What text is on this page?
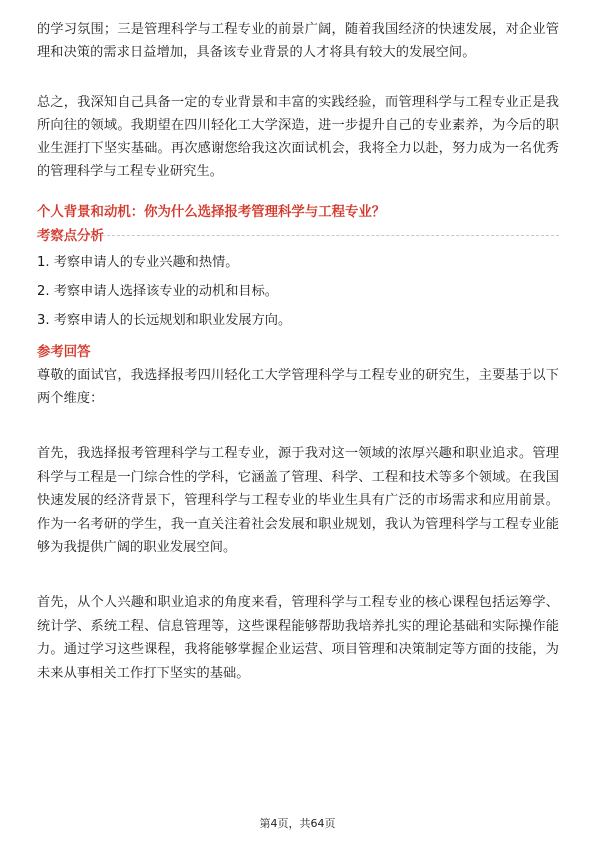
的学习氛围；三是管理科学与工程专业的前景广阔，随着我国经济的快速发展，对企业管理和决策的需求日益增加，具备该专业背景的人才将具有较大的发展空间。

总之，我深知自己具备一定的专业背景和丰富的实践经验，而管理科学与工程专业正是我所向往的领域。我期望在四川轻化工大学深造，进一步提升自己的专业素养，为今后的职业生涯打下坚实基础。再次感谢您给我这次面试机会，我将全力以赴，努力成为一名优秀的管理科学与工程专业研究生。

个人背景和动机：你为什么选择报考管理科学与工程专业？
考察点分析
1. 考察申请人的专业兴趣和热情。
2. 考察申请人选择该专业的动机和目标。
3. 考察申请人的长远规划和职业发展方向。
参考回答

尊敬的面试官，我选择报考四川轻化工大学管理科学与工程专业的研究生，主要基于以下两个维度：

首先，我选择报考管理科学与工程专业，源于我对这一领域的浓厚兴趣和职业追求。管理科学与工程是一门综合性的学科，它涵盖了管理、科学、工程和技术等多个领域。在我国快速发展的经济背景下，管理科学与工程专业的毕业生具有广泛的市场需求和应用前景。作为一名考研的学生，我一直关注着社会发展和职业规划，我认为管理科学与工程专业能够为我提供广阔的职业发展空间。

首先，从个人兴趣和职业追求的角度来看，管理科学与工程专业的核心课程包括运筹学、统计学、系统工程、信息管理等，这些课程能够帮助我培养扎实的理论基础和实际操作能力。通过学习这些课程，我将能够掌握企业运营、项目管理和决策制定等方面的技能，为未来从事相关工作打下坚实的基础。

第4页，共64页
